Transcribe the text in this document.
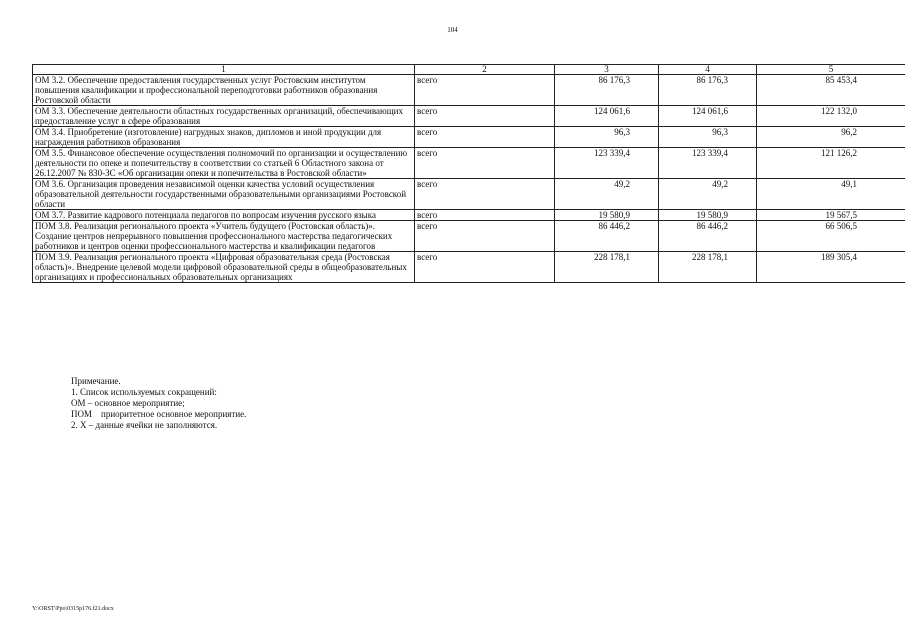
104
1	2	3	4	5
ОМ 3.2. Обеспечение предоставления государственных услуг Ростовским институтом повышения квалификации и профессиональной переподготовки работников образования Ростовской области	всего	86 176,3	86 176,3	85 453,4
ОМ 3.3. Обеспечение деятельности областных государственных организаций, обеспечивающих предоставление услуг в сфере образования	всего	124 061,6	124 061,6	122 132,0
ОМ 3.4. Приобретение (изготовление) нагрудных знаков, дипломов и иной продукции для награждения работников образования	всего	96,3	96,3	96,2
ОМ 3.5. Финансовое обеспечение осуществления полномочий по организации и осуществлению деятельности по опеке и попечительству в соответствии со статьей 6 Областного закона от 26.12.2007 № 830-ЗС «Об организации опеки и попечительства в Ростовской области»	всего	123 339,4	123 339,4	121 126,2
ОМ 3.6. Организация проведения независимой оценки качества условий осуществления образовательной деятельности государственными образовательными организациями Ростовской области	всего	49,2	49,2	49,1
ОМ 3.7. Развитие кадрового потенциала педагогов по вопросам изучения русского языка	всего	19 580,9	19 580,9	19 567,5
ПОМ 3.8. Реализация регионального проекта «Учитель будущего (Ростовская область)». Создание центров непрерывного повышения профессионального мастерства педагогических работников и центров оценки профессионального мастерства и квалификации педагогов	всего	86 446,2	86 446,2	66 506,5
ПОМ 3.9. Реализация регионального проекта «Цифровая образовательная среда (Ростовская область)». Внедрение целевой модели цифровой образовательной среды в общеобразовательных организациях и профессиональных образовательных организациях	всего	228 178,1	228 178,1	189 305,4
Примечание.
1. Список используемых сокращений:
ОМ – основное мероприятие;
ПОМ    приоритетное основное мероприятие.
2. Х – данные ячейки не заполняются.
Y:\ORST\Ppo\0315p176.f21.docx
